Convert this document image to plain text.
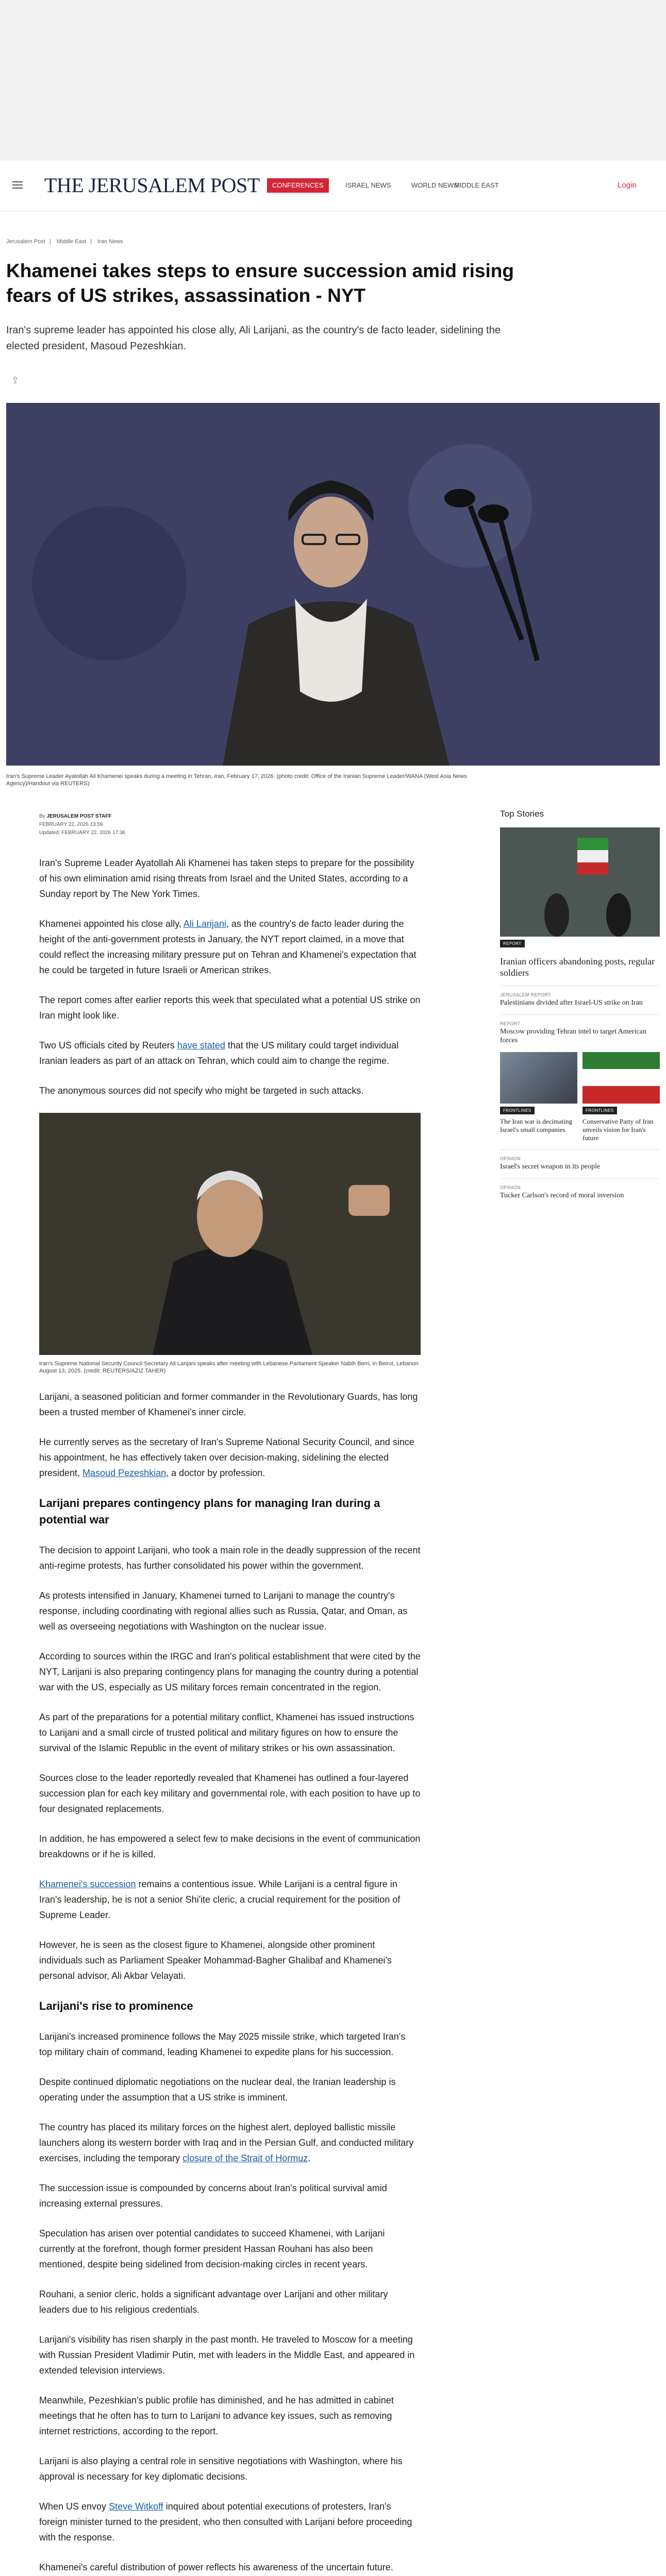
THE JERUSALEM POST	CONFERENCES	ISRAEL NEWS	WORLD NEWS
MIDDLE EAST	Login
Jerusalem Post | Middle East | Iran News
Khamenei takes steps to ensure succession amid rising fears of US strikes, assassination - NYT
Iran's supreme leader has appointed his close ally, Ali Larijani, as the country's de facto leader, sidelining the elected president, Masoud Pezeshkian.
⇪
Iran's Supreme Leader Ayatollah Ali Khamenei speaks during a meeting in Tehran, Iran, February 17, 2026. (photo credit: Office of the Iranian Supreme Leader/WANA (West Asia News Agency)/Handout via REUTERS)
By JERUSALEM POST STAFF
FEBRUARY 22, 2026 13:59
Updated: FEBRUARY 22, 2026 17:36

Iran's Supreme Leader Ayatollah Ali Khamenei has taken steps to prepare for the possibility of his own elimination amid rising threats from Israel and the United States, according to a Sunday report by The New York Times.

Khamenei appointed his close ally, Ali Larijani, as the country's de facto leader during the height of the anti-government protests in January, the NYT report claimed, in a move that could reflect the increasing military pressure put on Tehran and Khamenei's expectation that he could be targeted in future Israeli or American strikes.

The report comes after earlier reports this week that speculated what a potential US strike on Iran might look like.

Two US officials cited by Reuters have stated that the US military could target individual Iranian leaders as part of an attack on Tehran, which could aim to change the regime.

The anonymous sources did not specify who might be targeted in such attacks.

Iran's Supreme National Security Council Secretary Ali Larijani speaks after meeting with Lebanese Parliament Speaker Nabih Berri, in Beirut, Lebanon August 13, 2025. (credit: REUTERS/AZIZ TAHER)

Larijani, a seasoned politician and former commander in the Revolutionary Guards, has long been a trusted member of Khamenei's inner circle.

He currently serves as the secretary of Iran's Supreme National Security Council, and since his appointment, he has effectively taken over decision-making, sidelining the elected president, Masoud Pezeshkian, a doctor by profession.

Larijani prepares contingency plans for managing Iran during a potential war

The decision to appoint Larijani, who took a main role in the deadly suppression of the recent anti-regime protests, has further consolidated his power within the government.

As protests intensified in January, Khamenei turned to Larijani to manage the country's response, including coordinating with regional allies such as Russia, Qatar, and Oman, as well as overseeing negotiations with Washington on the nuclear issue.

According to sources within the IRGC and Iran's political establishment that were cited by the NYT, Larijani is also preparing contingency plans for managing the country during a potential war with the US, especially as US military forces remain concentrated in the region.

As part of the preparations for a potential military conflict, Khamenei has issued instructions to Larijani and a small circle of trusted political and military figures on how to ensure the survival of the Islamic Republic in the event of military strikes or his own assassination.

Sources close to the leader reportedly revealed that Khamenei has outlined a four-layered succession plan for each key military and governmental role, with each position to have up to four designated replacements.

In addition, he has empowered a select few to make decisions in the event of communication breakdowns or if he is killed.

Khamenei's succession remains a contentious issue. While Larijani is a central figure in Iran's leadership, he is not a senior Shi'ite cleric, a crucial requirement for the position of Supreme Leader.

However, he is seen as the closest figure to Khamenei, alongside other prominent individuals such as Parliament Speaker Mohammad-Bagher Ghalibaf and Khamenei's personal advisor, Ali Akbar Velayati.

Larijani's rise to prominence

Larijani's increased prominence follows the May 2025 missile strike, which targeted Iran's top military chain of command, leading Khamenei to expedite plans for his succession.

Despite continued diplomatic negotiations on the nuclear deal, the Iranian leadership is operating under the assumption that a US strike is imminent.

The country has placed its military forces on the highest alert, deployed ballistic missile launchers along its western border with Iraq and in the Persian Gulf, and conducted military exercises, including the temporary closure of the Strait of Hormuz.

The succession issue is compounded by concerns about Iran's political survival amid increasing external pressures.

Speculation has arisen over potential candidates to succeed Khamenei, with Larijani currently at the forefront, though former president Hassan Rouhani has also been mentioned, despite being sidelined from decision-making circles in recent years.

Rouhani, a senior cleric, holds a significant advantage over Larijani and other military leaders due to his religious credentials.

Larijani's visibility has risen sharply in the past month. He traveled to Moscow for a meeting with Russian President Vladimir Putin, met with leaders in the Middle East, and appeared in extended television interviews.

Meanwhile, Pezeshkian's public profile has diminished, and he has admitted in cabinet meetings that he often has to turn to Larijani to advance key issues, such as removing internet restrictions, according to the report.

Larijani is also playing a central role in sensitive negotiations with Washington, where his approval is necessary for key diplomatic decisions.

When US envoy Steve Witkoff inquired about potential executions of protesters, Iran's foreign minister turned to the president, who then consulted with Larijani before proceeding with the response.

Khamenei's careful distribution of power reflects his awareness of the uncertain future.

Top Stories
REPORT
Iranian officers abandoning posts, regular soldiers
JERUSALEM REPORT
Palestinians divided after Israel-US strike on Iran
REPORT
Moscow providing Tehran intel to target American forces
FRONTLINES
The Iran war is decimating Israel's small companies
FRONTLINES
Conservative Party of Iran unveils vision for Iran's future
OPINION
Israel's secret weapon in its people
OPINION
Tucker Carlson's record of moral inversion
